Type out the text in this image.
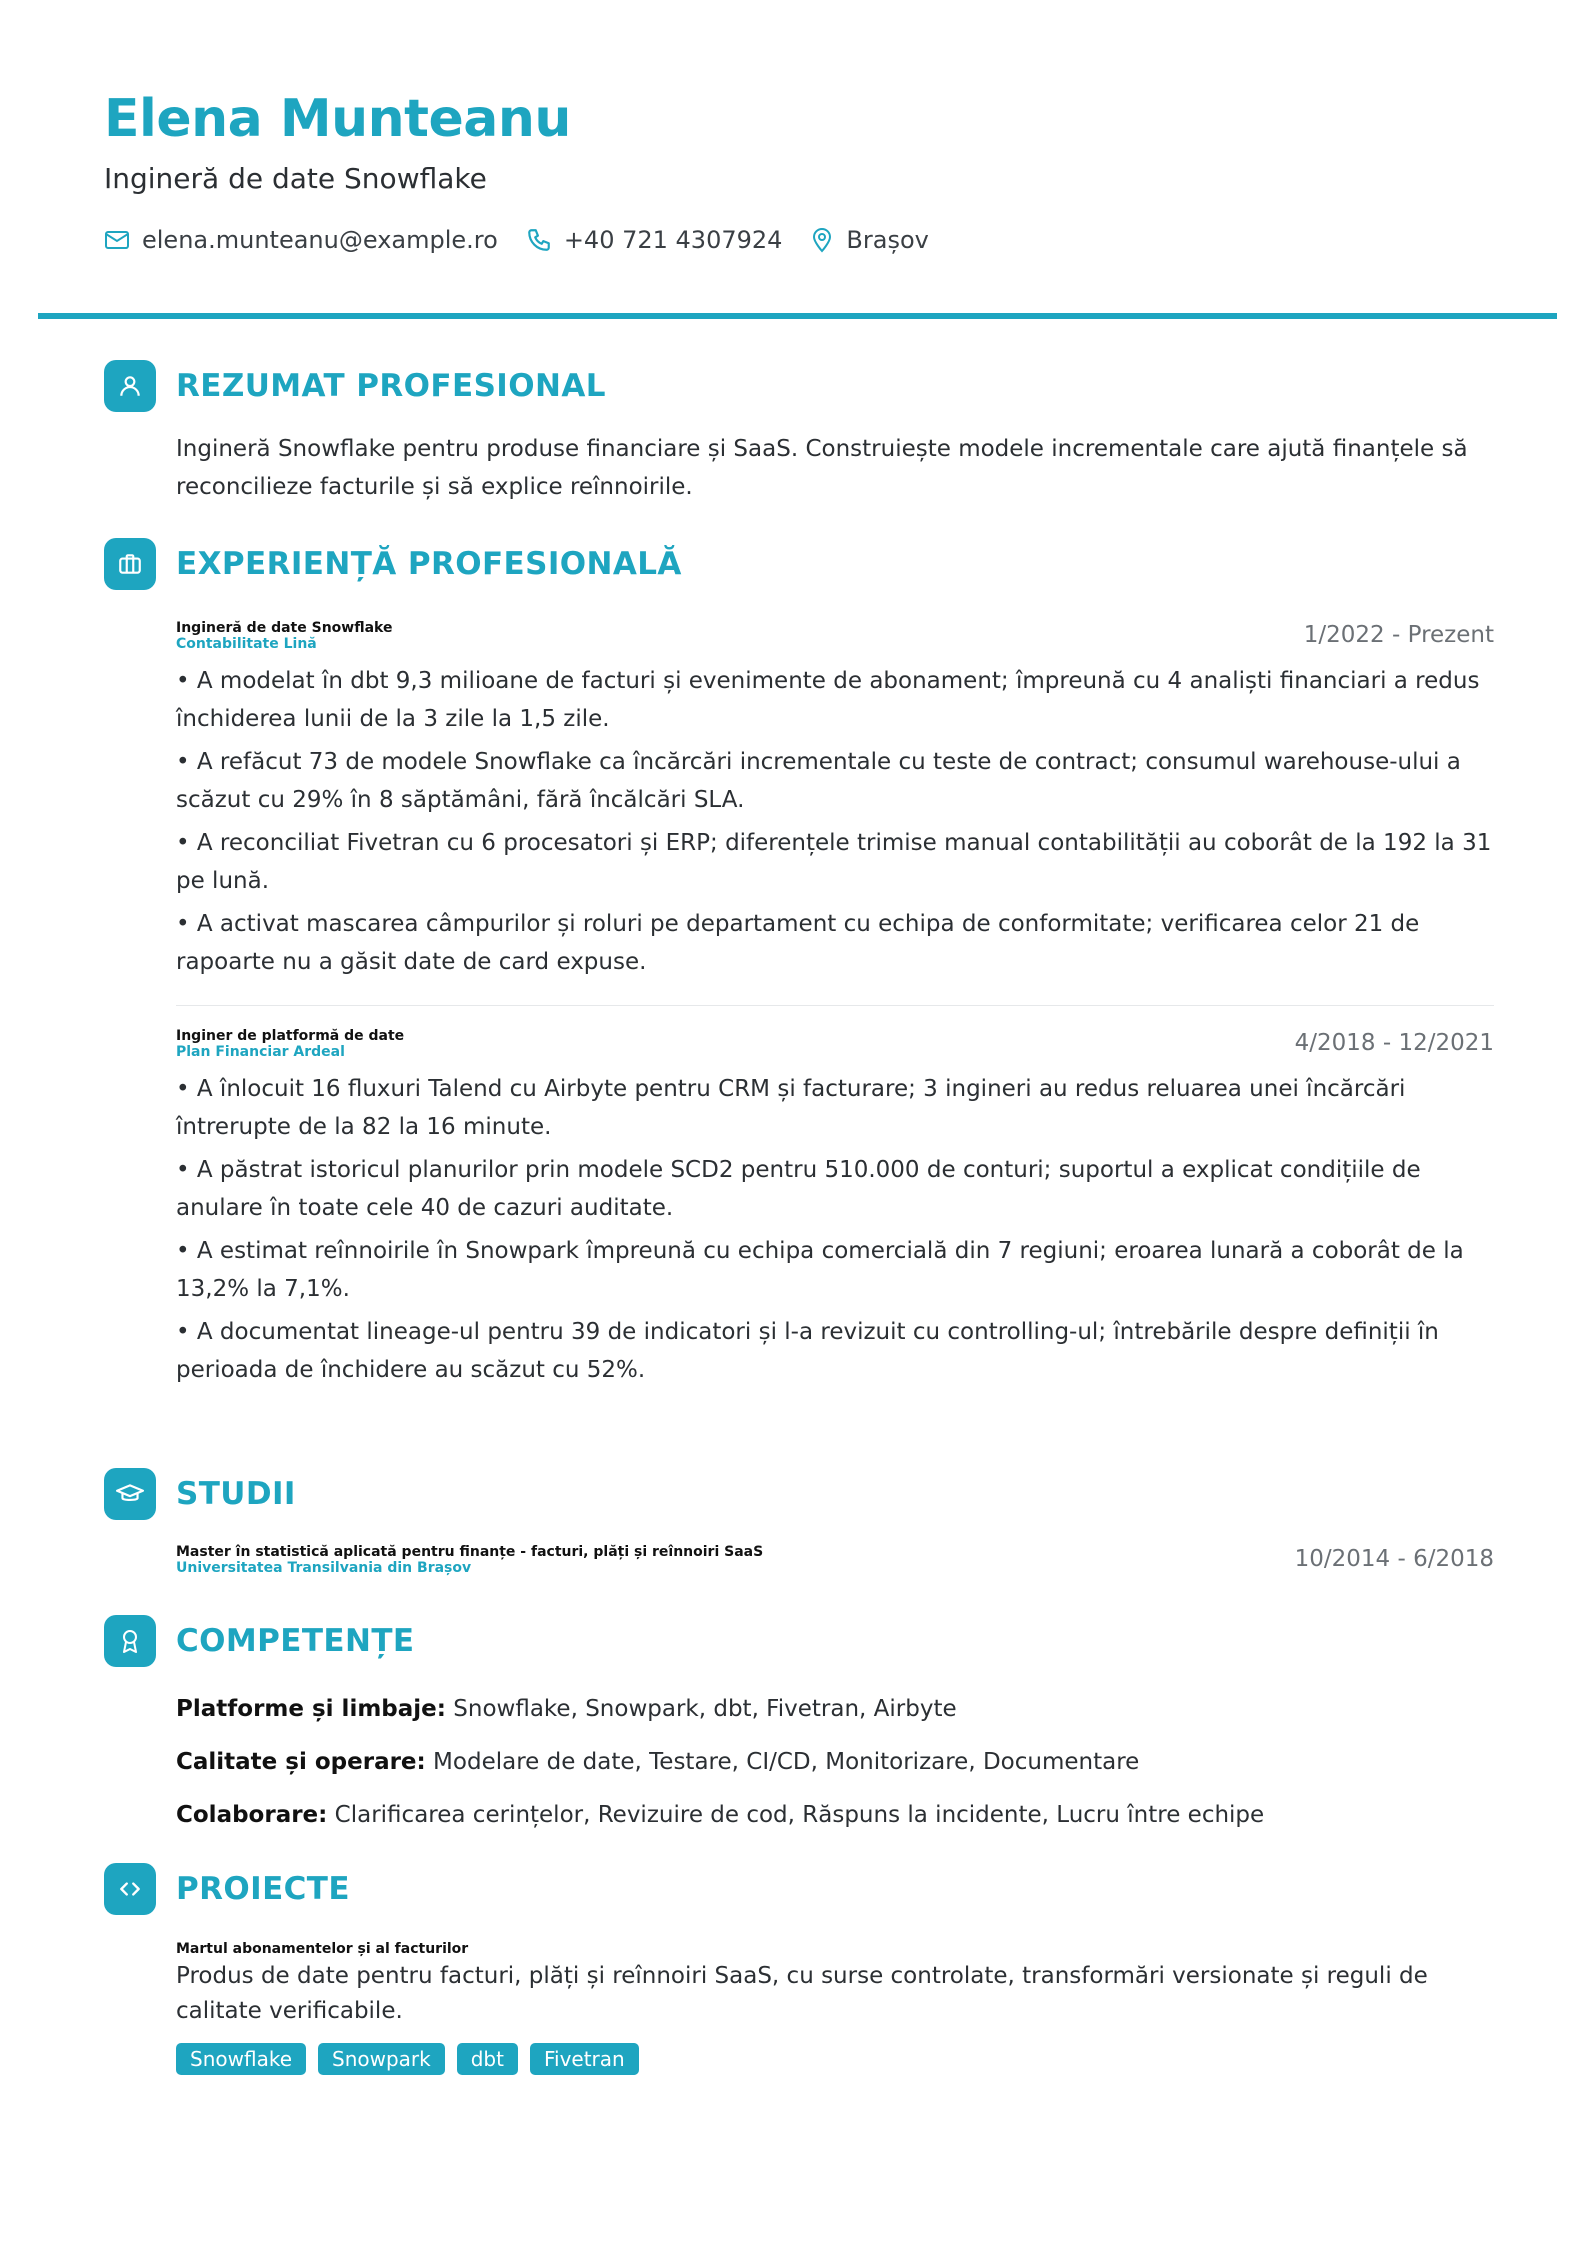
Elena Munteanu
Ingineră de date Snowflake
elena.munteanu@example.ro	+40 721 4307924	Brașov
REZUMAT PROFESIONAL
Ingineră Snowflake pentru produse financiare și SaaS. Construiește modele incrementale care ajută finanțele să reconcilieze facturile și să explice reînnoirile.
EXPERIENȚĂ PROFESIONALĂ
Ingineră de date Snowflake
Contabilitate Lină	1/2022 - Prezent
• A modelat în dbt 9,3 milioane de facturi și evenimente de abonament; împreună cu 4 analiști financiari a redus închiderea lunii de la 3 zile la 1,5 zile.
• A refăcut 73 de modele Snowflake ca încărcări incrementale cu teste de contract; consumul warehouse-ului a scăzut cu 29% în 8 săptămâni, fără încălcări SLA.
• A reconciliat Fivetran cu 6 procesatori și ERP; diferențele trimise manual contabilității au coborât de la 192 la 31 pe lună.
• A activat mascarea câmpurilor și roluri pe departament cu echipa de conformitate; verificarea celor 21 de rapoarte nu a găsit date de card expuse.
Inginer de platformă de date
Plan Financiar Ardeal	4/2018 - 12/2021
• A înlocuit 16 fluxuri Talend cu Airbyte pentru CRM și facturare; 3 ingineri au redus reluarea unei încărcări întrerupte de la 82 la 16 minute.
• A păstrat istoricul planurilor prin modele SCD2 pentru 510.000 de conturi; suportul a explicat condițiile de anulare în toate cele 40 de cazuri auditate.
• A estimat reînnoirile în Snowpark împreună cu echipa comercială din 7 regiuni; eroarea lunară a coborât de la 13,2% la 7,1%.
• A documentat lineage-ul pentru 39 de indicatori și l-a revizuit cu controlling-ul; întrebările despre definiții în perioada de închidere au scăzut cu 52%.
STUDII
Master în statistică aplicată pentru finanțe - facturi, plăți și reînnoiri SaaS
Universitatea Transilvania din Brașov	10/2014 - 6/2018
COMPETENȚE
Platforme și limbaje: Snowflake, Snowpark, dbt, Fivetran, Airbyte
Calitate și operare: Modelare de date, Testare, CI/CD, Monitorizare, Documentare
Colaborare: Clarificarea cerințelor, Revizuire de cod, Răspuns la incidente, Lucru între echipe
PROIECTE
Martul abonamentelor și al facturilor
Produs de date pentru facturi, plăți și reînnoiri SaaS, cu surse controlate, transformări versionate și reguli de calitate verificabile.
Snowflake	Snowpark	dbt	Fivetran
